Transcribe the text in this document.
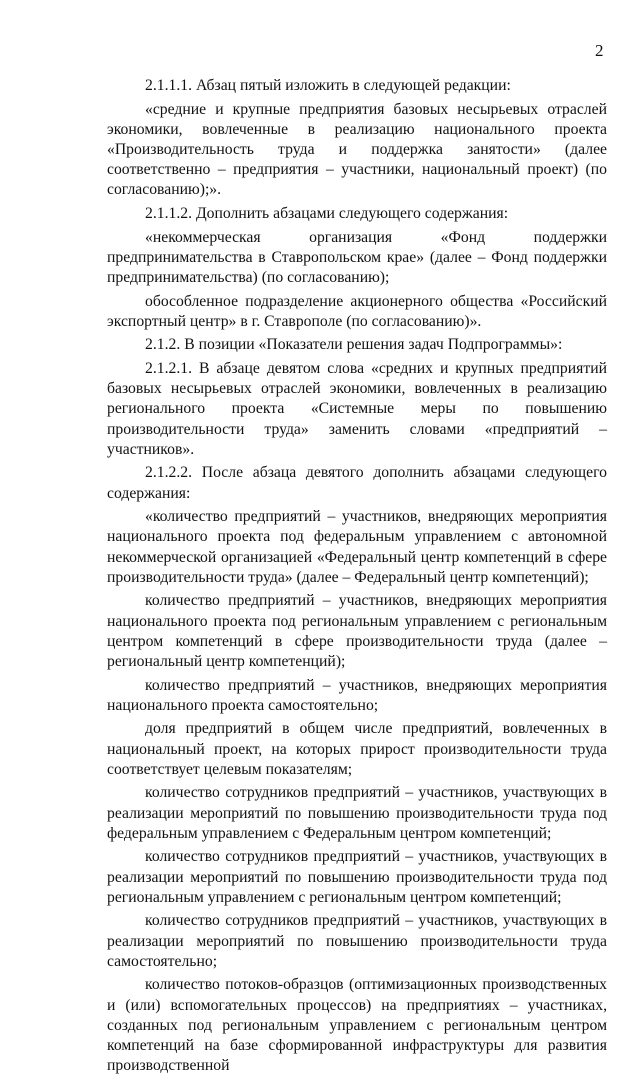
2

2.1.1.1. Абзац пятый изложить в следующей редакции:

«средние и крупные предприятия базовых несырьевых отраслей экономики, вовлеченные в реализацию национального проекта «Производительность труда и поддержка занятости» (далее соответственно – предприятия – участники, национальный проект) (по согласованию);».

2.1.1.2. Дополнить абзацами следующего содержания:

«некоммерческая организация «Фонд поддержки предпринимательства в Ставропольском крае» (далее – Фонд поддержки предпринимательства) (по согласованию);

обособленное подразделение акционерного общества «Российский экспортный центр» в г. Ставрополе (по согласованию)».

2.1.2. В позиции «Показатели решения задач Подпрограммы»:

2.1.2.1. В абзаце девятом слова «средних и крупных предприятий базовых несырьевых отраслей экономики, вовлеченных в реализацию регионального проекта «Системные меры по повышению производительности труда» заменить словами «предприятий – участников».

2.1.2.2. После абзаца девятого дополнить абзацами следующего содержания:

«количество предприятий – участников, внедряющих мероприятия национального проекта под федеральным управлением с автономной некоммерческой организацией «Федеральный центр компетенций в сфере производительности труда» (далее – Федеральный центр компетенций);

количество предприятий – участников, внедряющих мероприятия национального проекта под региональным управлением с региональным центром компетенций в сфере производительности труда (далее – региональный центр компетенций);

количество предприятий – участников, внедряющих мероприятия национального проекта самостоятельно;

доля предприятий в общем числе предприятий, вовлеченных в национальный проект, на которых прирост производительности труда соответствует целевым показателям;

количество сотрудников предприятий – участников, участвующих в реализации мероприятий по повышению производительности труда под федеральным управлением с Федеральным центром компетенций;

количество сотрудников предприятий – участников, участвующих в реализации мероприятий по повышению производительности труда под региональным управлением с региональным центром компетенций;

количество сотрудников предприятий – участников, участвующих в реализации мероприятий по повышению производительности труда самостоятельно;

количество потоков-образцов (оптимизационных производственных и (или) вспомогательных процессов) на предприятиях – участниках, созданных под региональным управлением с региональным центром компетенций на базе сформированной инфраструктуры для развития производственной
